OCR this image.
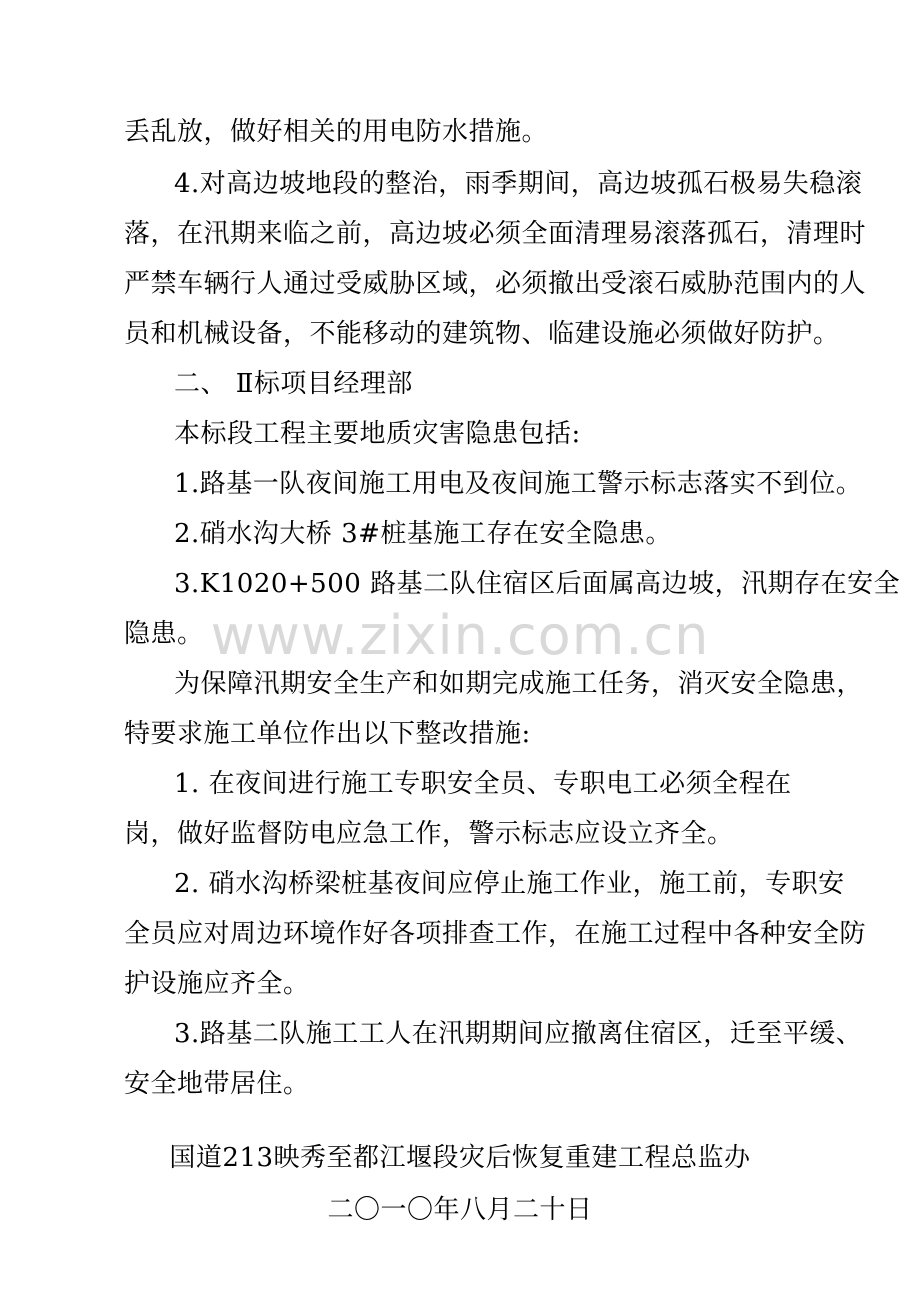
丢乱放，做好相关的用电防水措施。
4.对高边坡地段的整治，雨季期间，高边坡孤石极易失稳滚
落，在汛期来临之前，高边坡必须全面清理易滚落孤石，清理时
严禁车辆行人通过受威胁区域，必须撤出受滚石威胁范围内的人
员和机械设备，不能移动的建筑物、临建设施必须做好防护。
二、 Ⅱ标项目经理部
本标段工程主要地质灾害隐患包括:
1.路基一队夜间施工用电及夜间施工警示标志落实不到位。
2.硝水沟大桥 3#桩基施工存在安全隐患。
3.K1020+500 路基二队住宿区后面属高边坡，汛期存在安全
隐患。
为保障汛期安全生产和如期完成施工任务，消灭安全隐患，
特要求施工单位作出以下整改措施:
1. 在夜间进行施工专职安全员、专职电工必须全程在
岗，做好监督防电应急工作，警示标志应设立齐全。
2. 硝水沟桥梁桩基夜间应停止施工作业，施工前，专职安
全员应对周边环境作好各项排查工作，在施工过程中各种安全防
护设施应齐全。
3.路基二队施工工人在汛期期间应撤离住宿区，迁至平缓、
安全地带居住。
国道213映秀至都江堰段灾后恢复重建工程总监办
二〇一〇年八月二十日
www.zixin.com.cn
